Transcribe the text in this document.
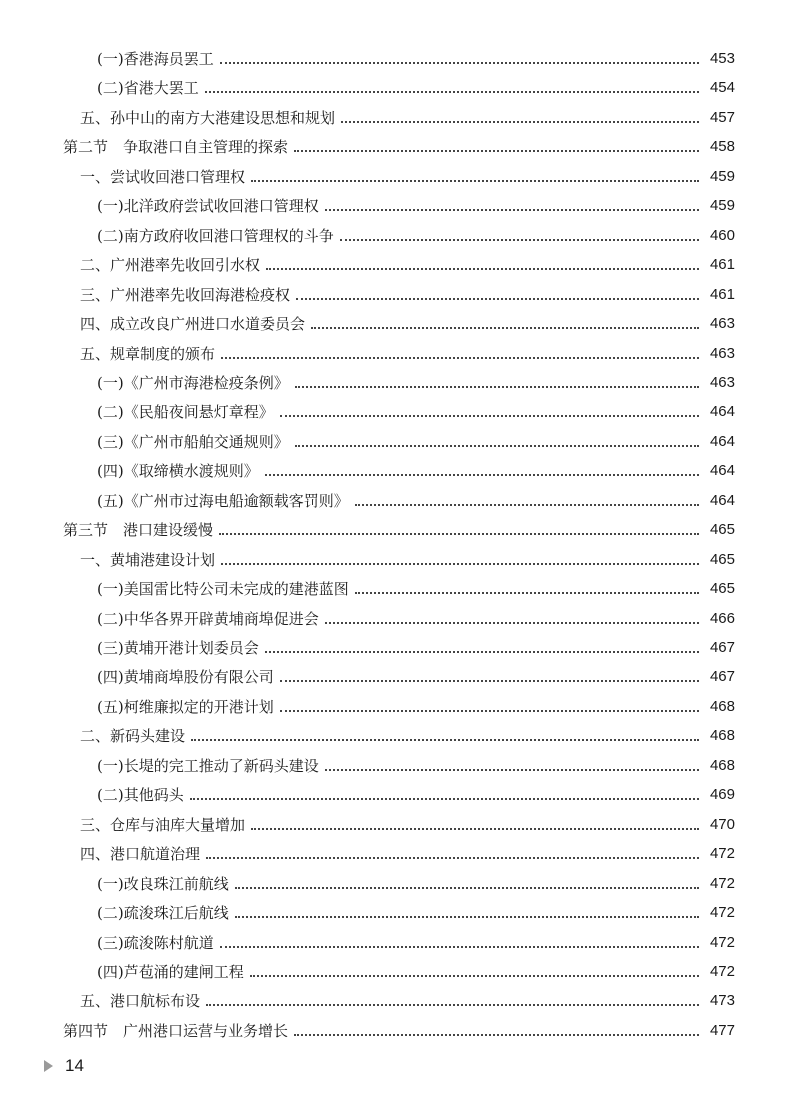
(一)香港海员罢工	453
(二)省港大罢工	454
五、孙中山的南方大港建设思想和规划	457
第二节　争取港口自主管理的探索	458
一、尝试收回港口管理权	459
(一)北洋政府尝试收回港口管理权	459
(二)南方政府收回港口管理权的斗争	460
二、广州港率先收回引水权	461
三、广州港率先收回海港检疫权	461
四、成立改良广州进口水道委员会	463
五、规章制度的颁布	463
(一)《广州市海港检疫条例》	463
(二)《民船夜间悬灯章程》	464
(三)《广州市船舶交通规则》	464
(四)《取缔横水渡规则》	464
(五)《广州市过海电船逾额载客罚则》	464
第三节　港口建设缓慢	465
一、黄埔港建设计划	465
(一)美国雷比特公司未完成的建港蓝图	465
(二)中华各界开辟黄埔商埠促进会	466
(三)黄埔开港计划委员会	467
(四)黄埔商埠股份有限公司	467
(五)柯维廉拟定的开港计划	468
二、新码头建设	468
(一)长堤的完工推动了新码头建设	468
(二)其他码头	469
三、仓库与油库大量增加	470
四、港口航道治理	472
(一)改良珠江前航线	472
(二)疏浚珠江后航线	472
(三)疏浚陈村航道	472
(四)芦苞涌的建闸工程	472
五、港口航标布设	473
第四节　广州港口运营与业务增长	477
14
